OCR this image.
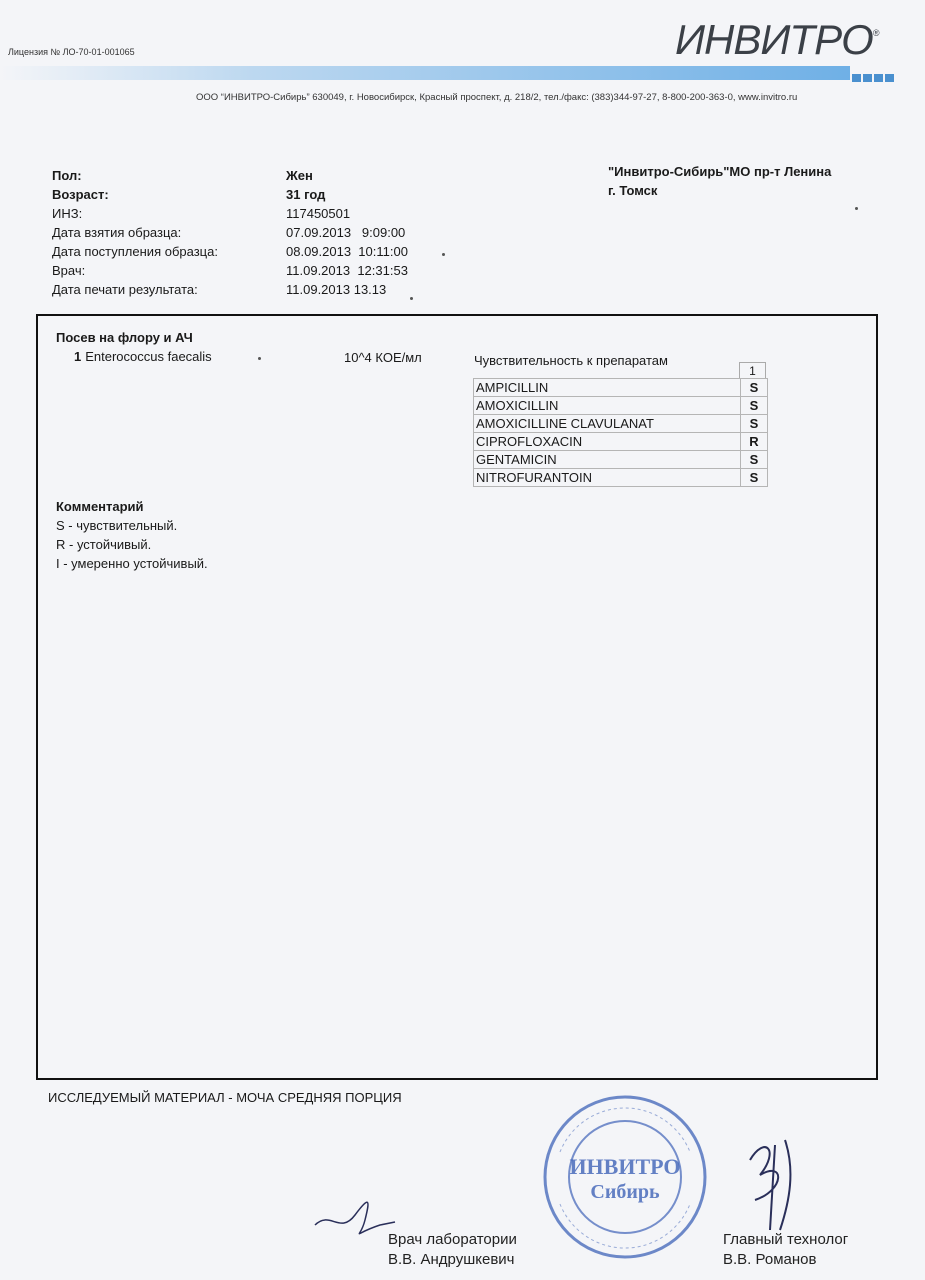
Лицензия № ЛО-70-01-001065	ИНВИТРО®
ООО “ИНВИТРО-Сибирь” 630049, г. Новосибирск, Красный проспект, д. 218/2, тел./факс: (383)344-97-27, 8-800-200-363-0, www.invitro.ru
Пол:	Жен
Возраст:	31 год
ИНЗ:	117450501
Дата взятия образца:	07.09.2013   9:09:00
Дата поступления образца:	08.09.2013  10:11:00
Врач:	11.09.2013  12:31:53
Дата печати результата:	11.09.2013 13.13
"Инвитро-Сибирь"МО пр-т Ленина
г. Томск
Посев на флору и АЧ
1 Enterococcus faecalis	10^4 КОЕ/мл	Чувствительность к препаратам
1
AMPICILLIN	S
AMOXICILLIN	S
AMOXICILLINE CLAVULANAT	S
CIPROFLOXACIN	R
GENTAMICIN	S
NITROFURANTOIN	S
Комментарий
S - чувствительный.
R - устойчивый.
I - умеренно устойчивый.
ИССЛЕДУЕМЫЙ МАТЕРИАЛ - МОЧА СРЕДНЯЯ ПОРЦИЯ
ИНВИТРО
Сибирь
Врач лаборатории
В.В. Андрушкевич
Главный технолог
В.В. Романов
